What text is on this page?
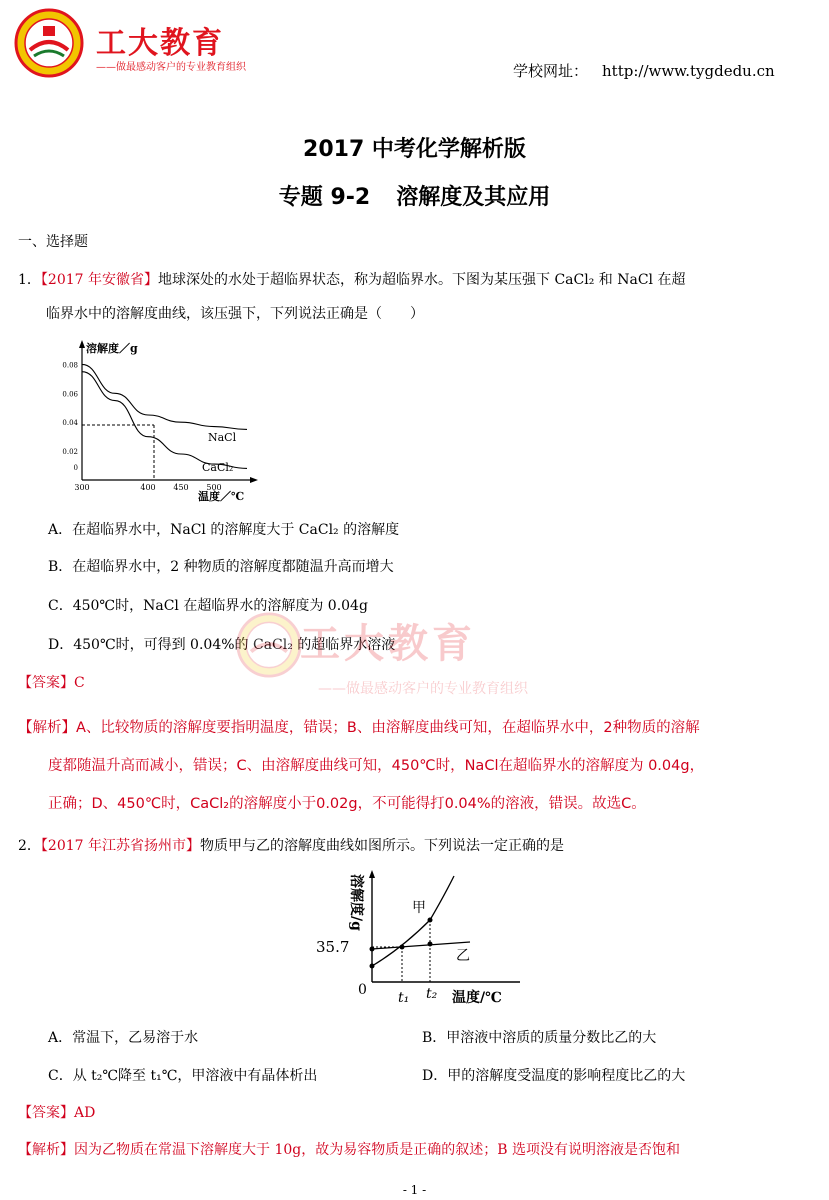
工大教育
——做最感动客户的专业教育组织	学校网址： http://www.tygdedu.cn
2017 中考化学解析版
专题 9-2 溶解度及其应用
一、选择题
1．【2017 年安徽省】地球深处的水处于超临界状态，称为超临界水。下图为某压强下 CaCl₂ 和 NaCl 在超
临界水中的溶解度曲线，该压强下，下列说法正确是（　　）
溶解度／g
温度／℃
0.08
0.06
0.04
0.02
0
300	400 450 500
NaCl
CaCl₂
A．在超临界水中，NaCl 的溶解度大于 CaCl₂ 的溶解度
B．在超临界水中，2 种物质的溶解度都随温升高而增大
C．450℃时，NaCl 在超临界水的溶解度为 0.04g
D．450℃时，可得到 0.04%的 CaCl₂ 的超临界水溶液
工大教育
——做最感动客户的专业教育组织
【答案】C
【解析】A、比较物质的溶解度要指明温度，错误；B、由溶解度曲线可知，在超临界水中，2种物质的溶解
度都随温升高而减小，错误；C、由溶解度曲线可知，450℃时，NaCl在超临界水的溶解度为 0.04g，
正确；D、450℃时，CaCl₂的溶解度小于0.02g，不可能得打0.04%的溶液，错误。故选C。
2．【2017 年江苏省扬州市】物质甲与乙的溶解度曲线如图所示。下列说法一定正确的是
溶解度/g
温度/℃
35.7
0 t₁ t₂
甲
乙
A．常温下，乙易溶于水	B．甲溶液中溶质的质量分数比乙的大
C．从 t₂℃降至 t₁℃，甲溶液中有晶体析出	D．甲的溶解度受温度的影响程度比乙的大
【答案】AD
【解析】因为乙物质在常温下溶解度大于 10g，故为易容物质是正确的叙述；B 选项没有说明溶液是否饱和
- 1 -
